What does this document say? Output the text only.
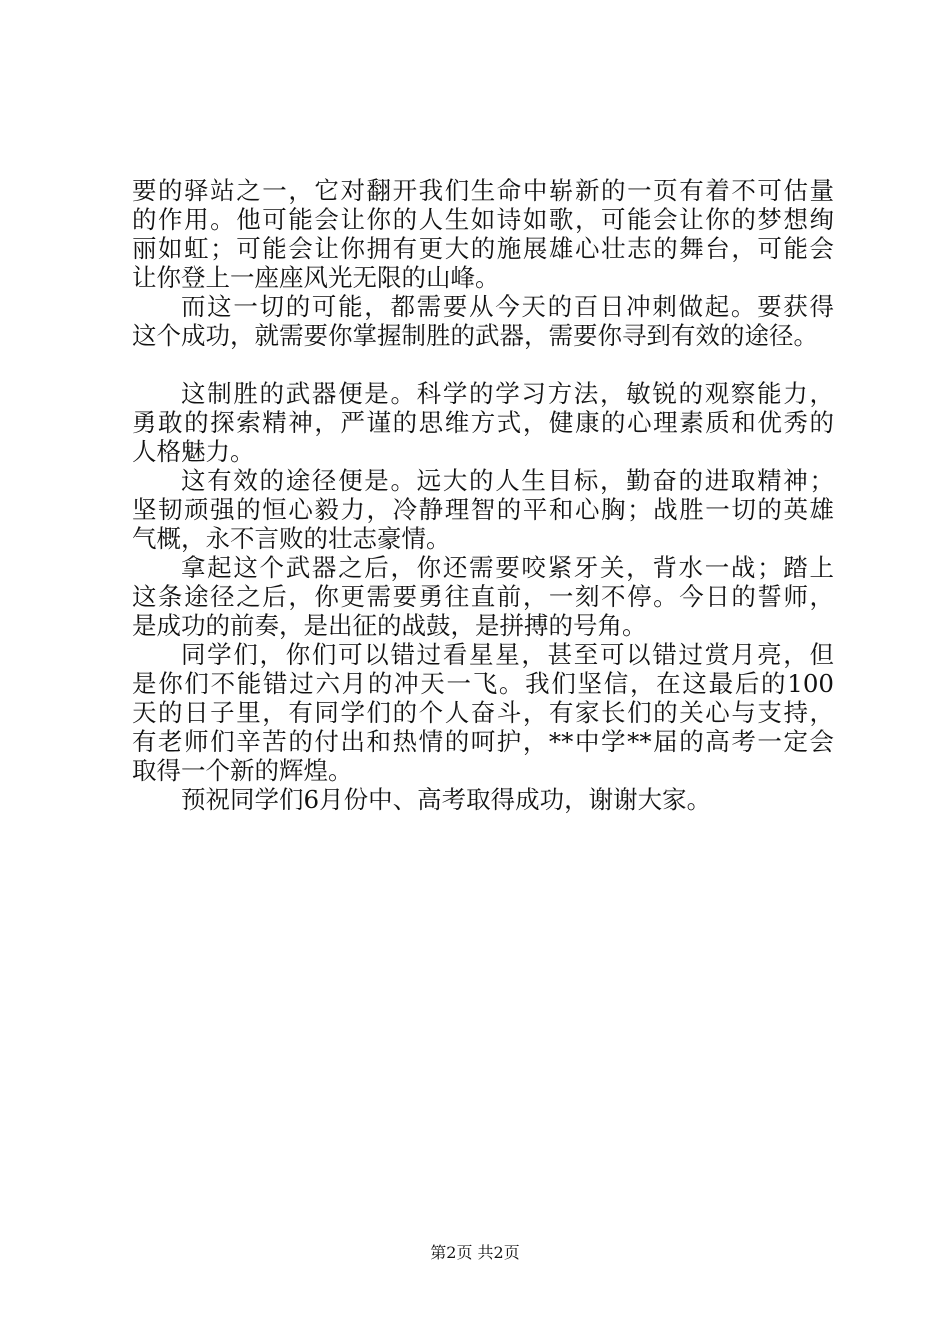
要的驿站之一，它对翻开我们生命中崭新的一页有着不可估量
的作用。他可能会让你的人生如诗如歌，可能会让你的梦想绚
丽如虹；可能会让你拥有更大的施展雄心壮志的舞台，可能会
让你登上一座座风光无限的山峰。
而这一切的可能，都需要从今天的百日冲刺做起。要获得
这个成功，就需要你掌握制胜的武器，需要你寻到有效的途径。
这制胜的武器便是。科学的学习方法，敏锐的观察能力，
勇敢的探索精神，严谨的思维方式，健康的心理素质和优秀的
人格魅力。
这有效的途径便是。远大的人生目标，勤奋的进取精神；
坚韧顽强的恒心毅力，冷静理智的平和心胸；战胜一切的英雄
气概，永不言败的壮志豪情。
拿起这个武器之后，你还需要咬紧牙关，背水一战；踏上
这条途径之后，你更需要勇往直前，一刻不停。今日的誓师，
是成功的前奏，是出征的战鼓，是拼搏的号角。
同学们，你们可以错过看星星，甚至可以错过赏月亮，但
是你们不能错过六月的冲天一飞。我们坚信，在这最后的100
天的日子里，有同学们的个人奋斗，有家长们的关心与支持，
有老师们辛苦的付出和热情的呵护，**中学**届的高考一定会
取得一个新的辉煌。
预祝同学们6月份中、高考取得成功，谢谢大家。
第2页 共2页
